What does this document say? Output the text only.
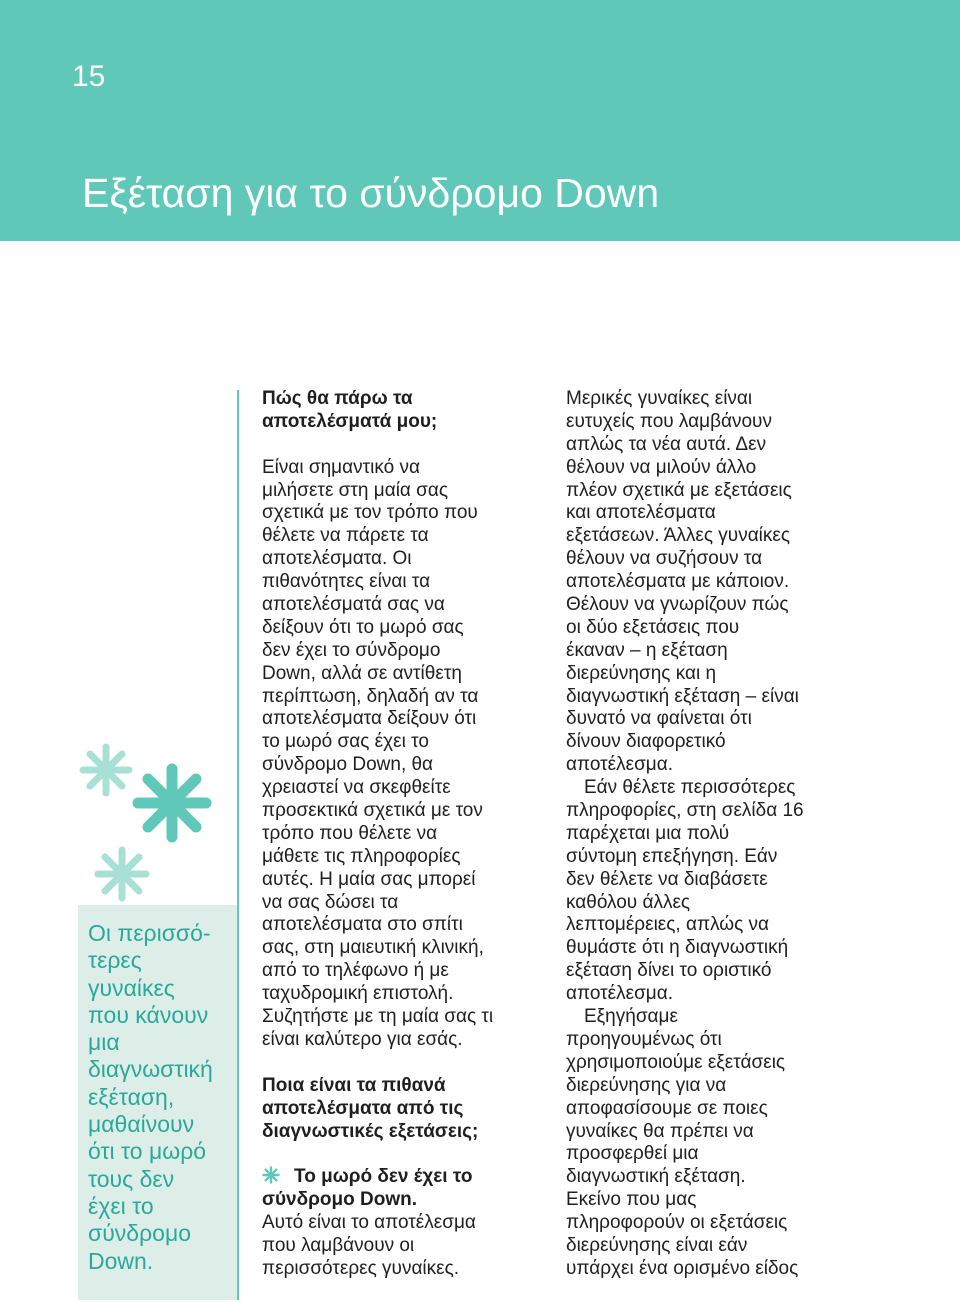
15
Εξέταση για το σύνδρομο Down
Οι περισσό-
τερες
γυναίκες
που κάνουν
μια
διαγνωστική
εξέταση,
μαθαίνουν
ότι το μωρό
τους δεν
έχει το
σύνδρομο
Down.
Πώς θα πάρω τα
αποτελέσματά μου;
Είναι σημαντικό να
μιλήσετε στη μαία σας
σχετικά με τον τρόπο που
θέλετε να πάρετε τα
αποτελέσματα. Οι
πιθανότητες είναι τα
αποτελέσματά σας να
δείξουν ότι το μωρό σας
δεν έχει το σύνδρομο
Down, αλλά σε αντίθετη
περίπτωση, δηλαδή αν τα
αποτελέσματα δείξουν ότι
το μωρό σας έχει το
σύνδρομο Down, θα
χρειαστεί να σκεφθείτε
προσεκτικά σχετικά με τον
τρόπο που θέλετε να
μάθετε τις πληροφορίες
αυτές. Η μαία σας μπορεί
να σας δώσει τα
αποτελέσματα στο σπίτι
σας, στη μαιευτική κλινική,
από το τηλέφωνο ή με
ταχυδρομική επιστολή.
Συζητήστε με τη μαία σας τι
είναι καλύτερο για εσάς.
Ποια είναι τα πιθανά
αποτελέσματα από τις
διαγνωστικές εξετάσεις;
Το μωρό δεν έχει το
σύνδρομο Down.
Αυτό είναι το αποτέλεσμα
που λαμβάνουν οι
περισσότερες γυναίκες.
Μερικές γυναίκες είναι
ευτυχείς που λαμβάνουν
απλώς τα νέα αυτά. Δεν
θέλουν να μιλούν άλλο
πλέον σχετικά με εξετάσεις
και αποτελέσματα
εξετάσεων. Άλλες γυναίκες
θέλουν να συζήσουν τα
αποτελέσματα με κάποιον.
Θέλουν να γνωρίζουν πώς
οι δύο εξετάσεις που
έκαναν – η εξέταση
διερεύνησης και η
διαγνωστική εξέταση – είναι
δυνατό να φαίνεται ότι
δίνουν διαφορετικό
αποτέλεσμα.
Εάν θέλετε περισσότερες
πληροφορίες, στη σελίδα 16
παρέχεται μια πολύ
σύντομη επεξήγηση. Εάν
δεν θέλετε να διαβάσετε
καθόλου άλλες
λεπτομέρειες, απλώς να
θυμάστε ότι η διαγνωστική
εξέταση δίνει το οριστικό
αποτέλεσμα.
Εξηγήσαμε
προηγουμένως ότι
χρησιμοποιούμε εξετάσεις
διερεύνησης για να
αποφασίσουμε σε ποιες
γυναίκες θα πρέπει να
προσφερθεί μια
διαγνωστική εξέταση.
Εκείνο που μας
πληροφορούν οι εξετάσεις
διερεύνησης είναι εάν
υπάρχει ένα ορισμένο είδος
